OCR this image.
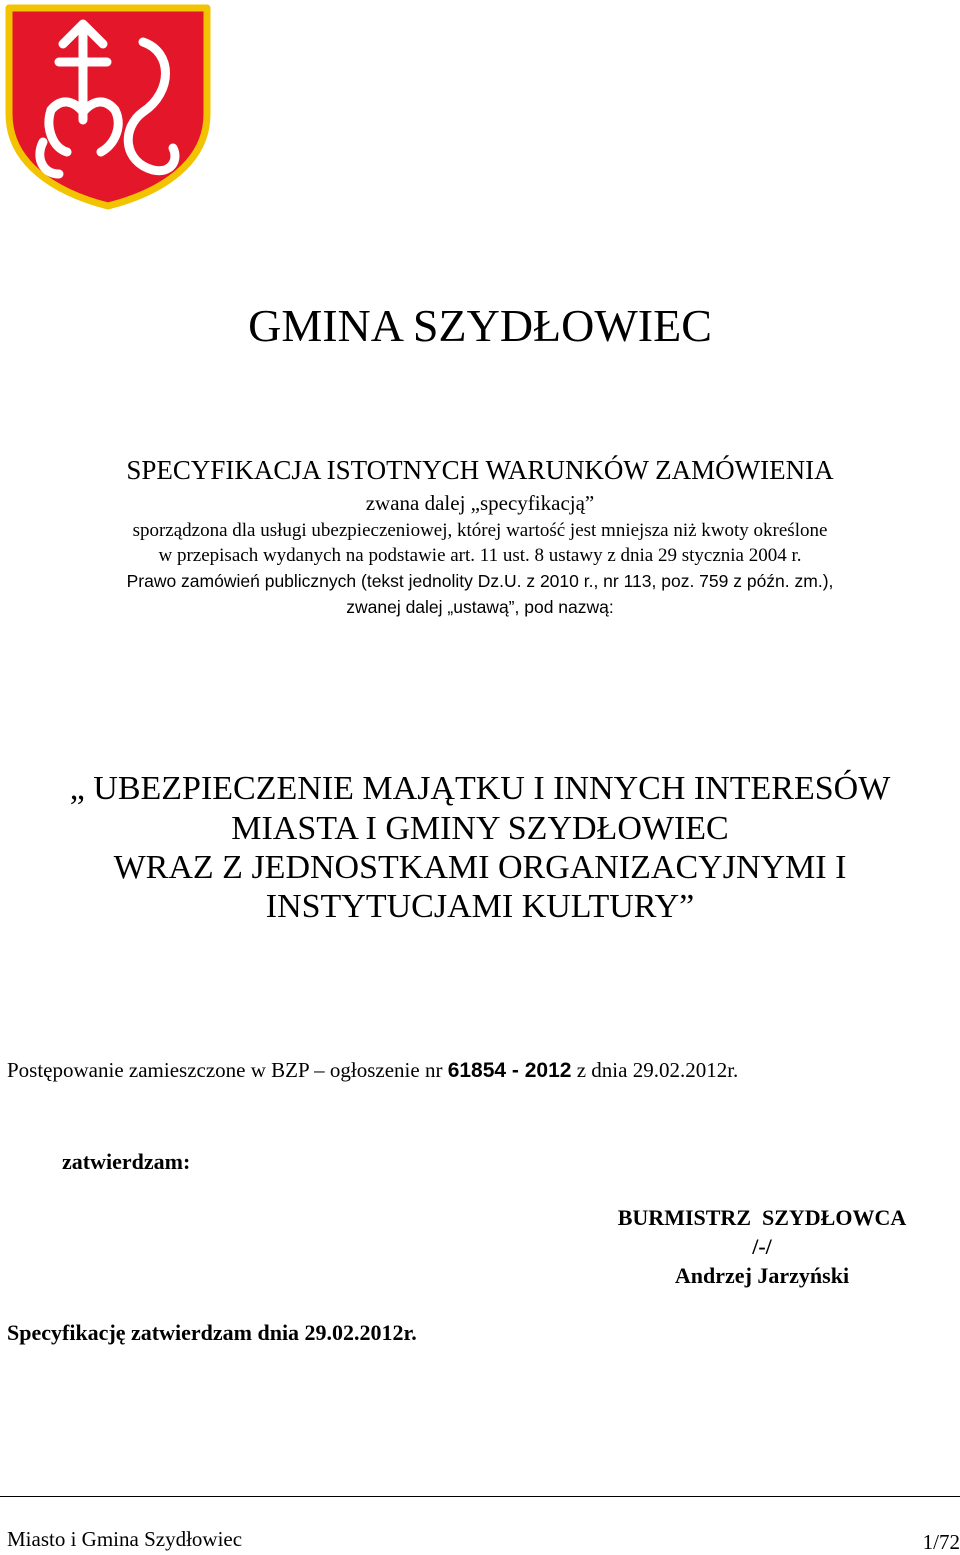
GMINA SZYDŁOWIEC
SPECYFIKACJA ISTOTNYCH WARUNKÓW ZAMÓWIENIA
zwana dalej „specyfikacją”
sporządzona dla usługi ubezpieczeniowej, której wartość jest mniejsza niż kwoty określone
w przepisach wydanych na podstawie art. 11 ust. 8 ustawy z dnia 29 stycznia 2004 r.
Prawo zamówień publicznych (tekst jednolity Dz.U. z 2010 r., nr 113, poz. 759 z późn. zm.),
zwanej dalej „ustawą”, pod nazwą:
„ UBEZPIECZENIE MAJĄTKU I INNYCH INTERESÓW
MIASTA I GMINY SZYDŁOWIEC
WRAZ Z JEDNOSTKAMI ORGANIZACYJNYMI I
INSTYTUCJAMI KULTURY”
Postępowanie zamieszczone w BZP – ogłoszenie nr 61854 - 2012 z dnia 29.02.2012r.
zatwierdzam:
BURMISTRZ  SZYDŁOWCA
/-/
Andrzej Jarzyński
Specyfikację zatwierdzam dnia 29.02.2012r.
Miasto i Gmina Szydłowiec	1/72
